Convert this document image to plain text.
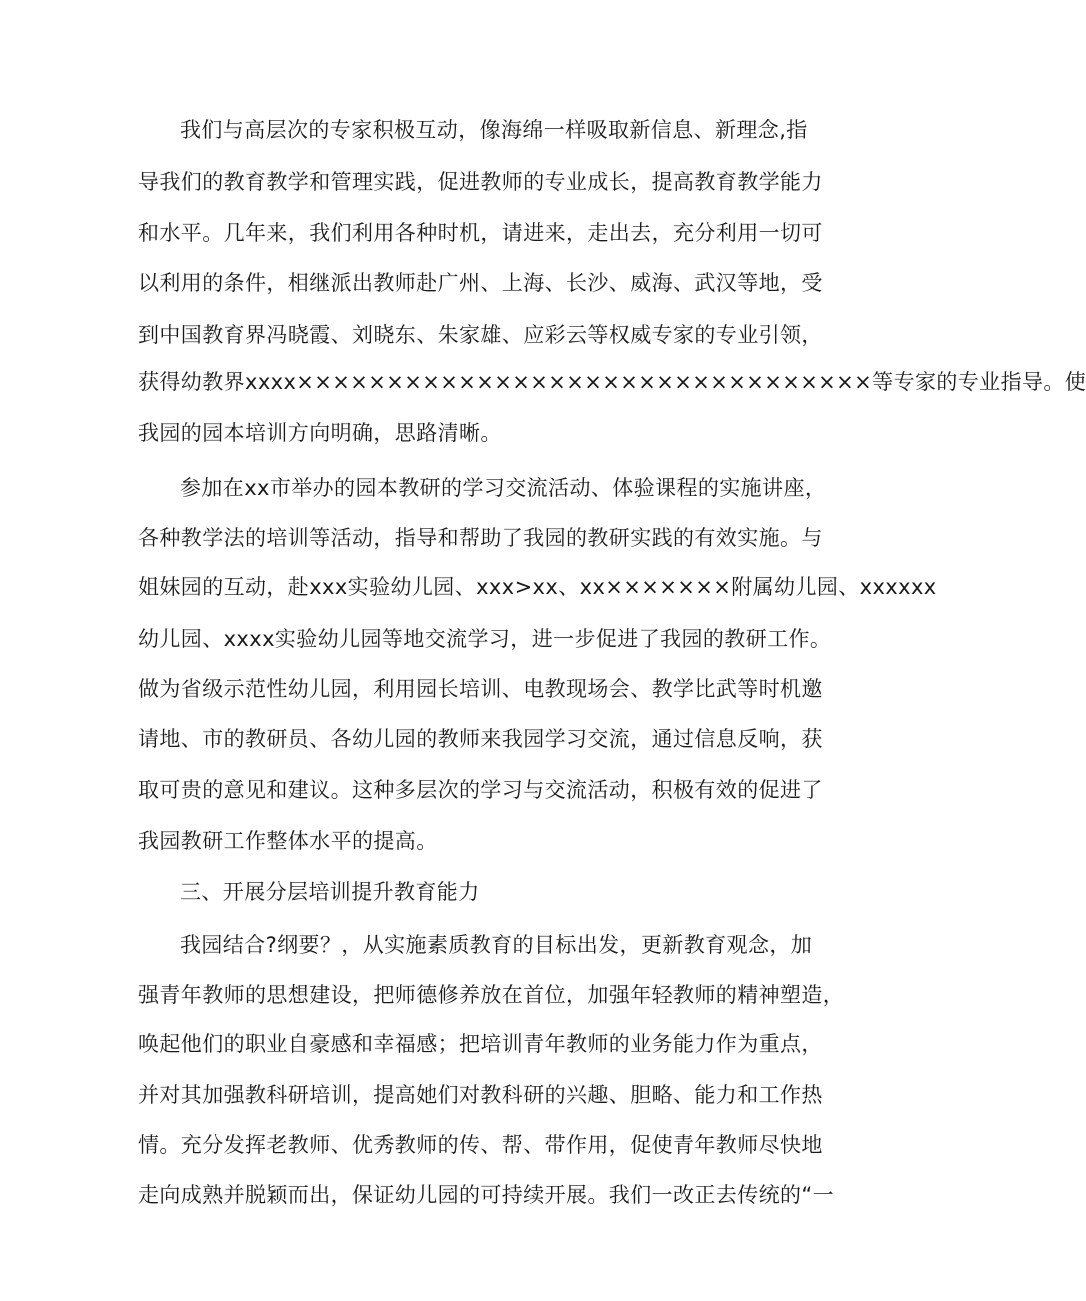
我们与高层次的专家积极互动，像海绵一样吸取新信息、新理念,指
导我们的教育教学和管理实践，促进教师的专业成长，提高教育教学能力
和水平。几年来，我们利用各种时机，请进来，走出去，充分利用一切可
以利用的条件，相继派出教师赴广州、上海、长沙、威海、武汉等地，受
到中国教育界冯晓霞、刘晓东、朱家雄、应彩云等权威专家的专业引领，
获得幼教界xxxx××××××××××××××××××××××××××××××××等专家的专业指导。使
我园的园本培训方向明确，思路清晰。
参加在xx市举办的园本教研的学习交流活动、体验课程的实施讲座，
各种教学法的培训等活动，指导和帮助了我园的教研实践的有效实施。与
姐妹园的互动，赴xxx实验幼儿园、xxx>xx、xx×××××××附属幼儿园、xxxxxx
幼儿园、xxxx实验幼儿园等地交流学习，进一步促进了我园的教研工作。
做为省级示范性幼儿园，利用园长培训、电教现场会、教学比武等时机邀
请地、市的教研员、各幼儿园的教师来我园学习交流，通过信息反响，获
取可贵的意见和建议。这种多层次的学习与交流活动，积极有效的促进了
我园教研工作整体水平的提高。
三、开展分层培训提升教育能力
我园结合?纲要？，从实施素质教育的目标出发，更新教育观念，加
强青年教师的思想建设，把师德修养放在首位，加强年轻教师的精神塑造，
唤起他们的职业自豪感和幸福感；把培训青年教师的业务能力作为重点，
并对其加强教科研培训，提高她们对教科研的兴趣、胆略、能力和工作热
情。充分发挥老教师、优秀教师的传、帮、带作用，促使青年教师尽快地
走向成熟并脱颖而出，保证幼儿园的可持续开展。我们一改正去传统的“一
